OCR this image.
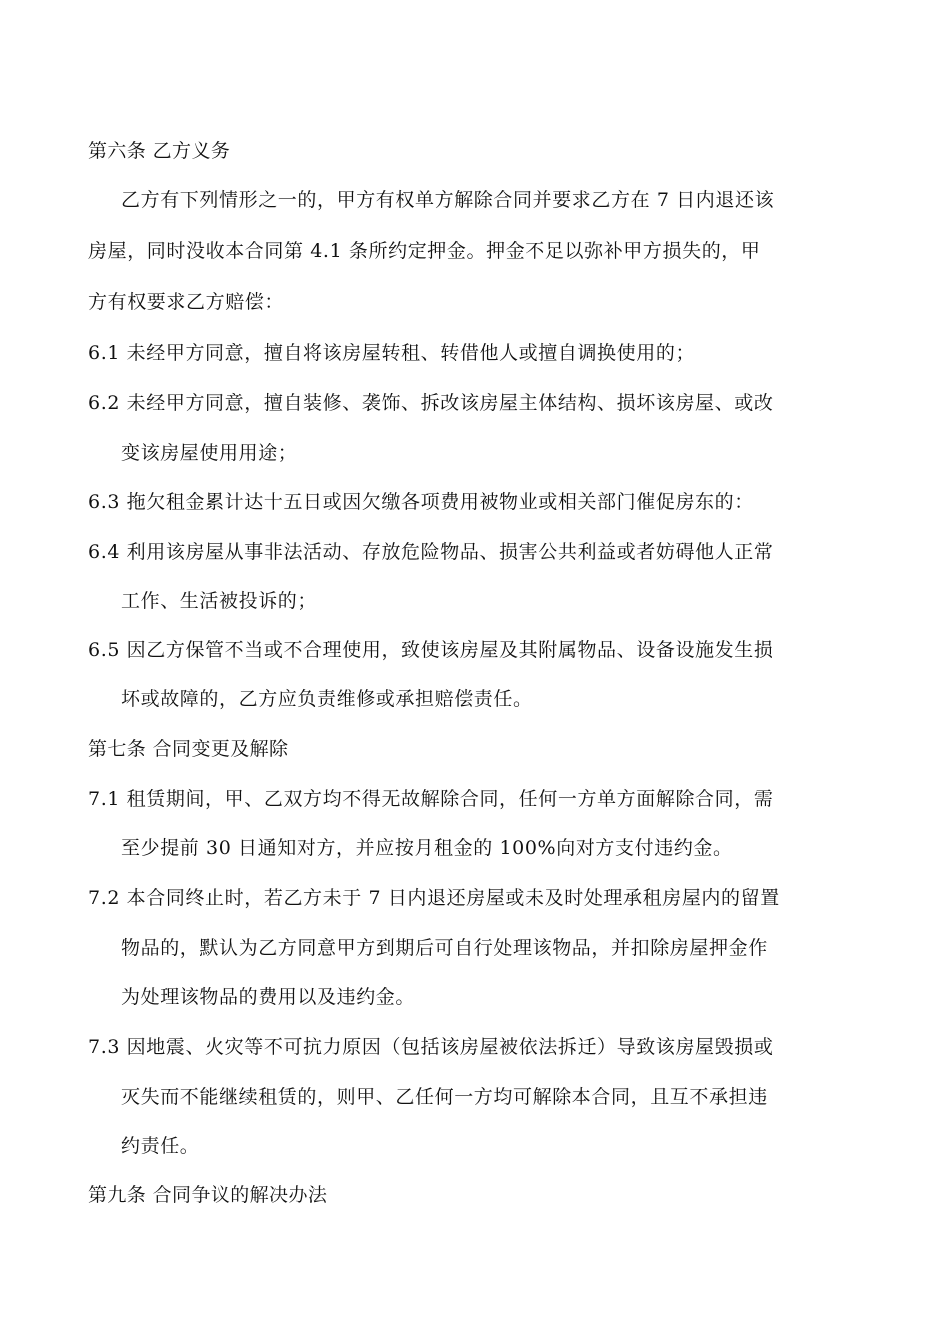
第六条 乙方义务
乙方有下列情形之一的，甲方有权单方解除合同并要求乙方在 7 日内退还该
房屋，同时没收本合同第 4.1 条所约定押金。押金不足以弥补甲方损失的，甲
方有权要求乙方赔偿：
6.1 未经甲方同意，擅自将该房屋转租、转借他人或擅自调换使用的；
6.2 未经甲方同意，擅自装修、袭饰、拆改该房屋主体结构、损坏该房屋、或改
变该房屋使用用途；
6.3 拖欠租金累计达十五日或因欠缴各项费用被物业或相关部门催促房东的：
6.4 利用该房屋从事非法活动、存放危险物品、损害公共利益或者妨碍他人正常
工作、生活被投诉的；
6.5 因乙方保管不当或不合理使用，致使该房屋及其附属物品、设备设施发生损
坏或故障的，乙方应负责维修或承担赔偿责任。
第七条 合同变更及解除
7.1 租赁期间，甲、乙双方均不得无故解除合同，任何一方单方面解除合同，需
至少提前 30 日通知对方，并应按月租金的 100%向对方支付违约金。
7.2 本合同终止时，若乙方未于 7 日内退还房屋或未及时处理承租房屋内的留置
物品的，默认为乙方同意甲方到期后可自行处理该物品，并扣除房屋押金作
为处理该物品的费用以及违约金。
7.3 因地震、火灾等不可抗力原因（包括该房屋被依法拆迁）导致该房屋毁损或
灭失而不能继续租赁的，则甲、乙任何一方均可解除本合同，且互不承担违
约责任。
第九条 合同争议的解决办法
